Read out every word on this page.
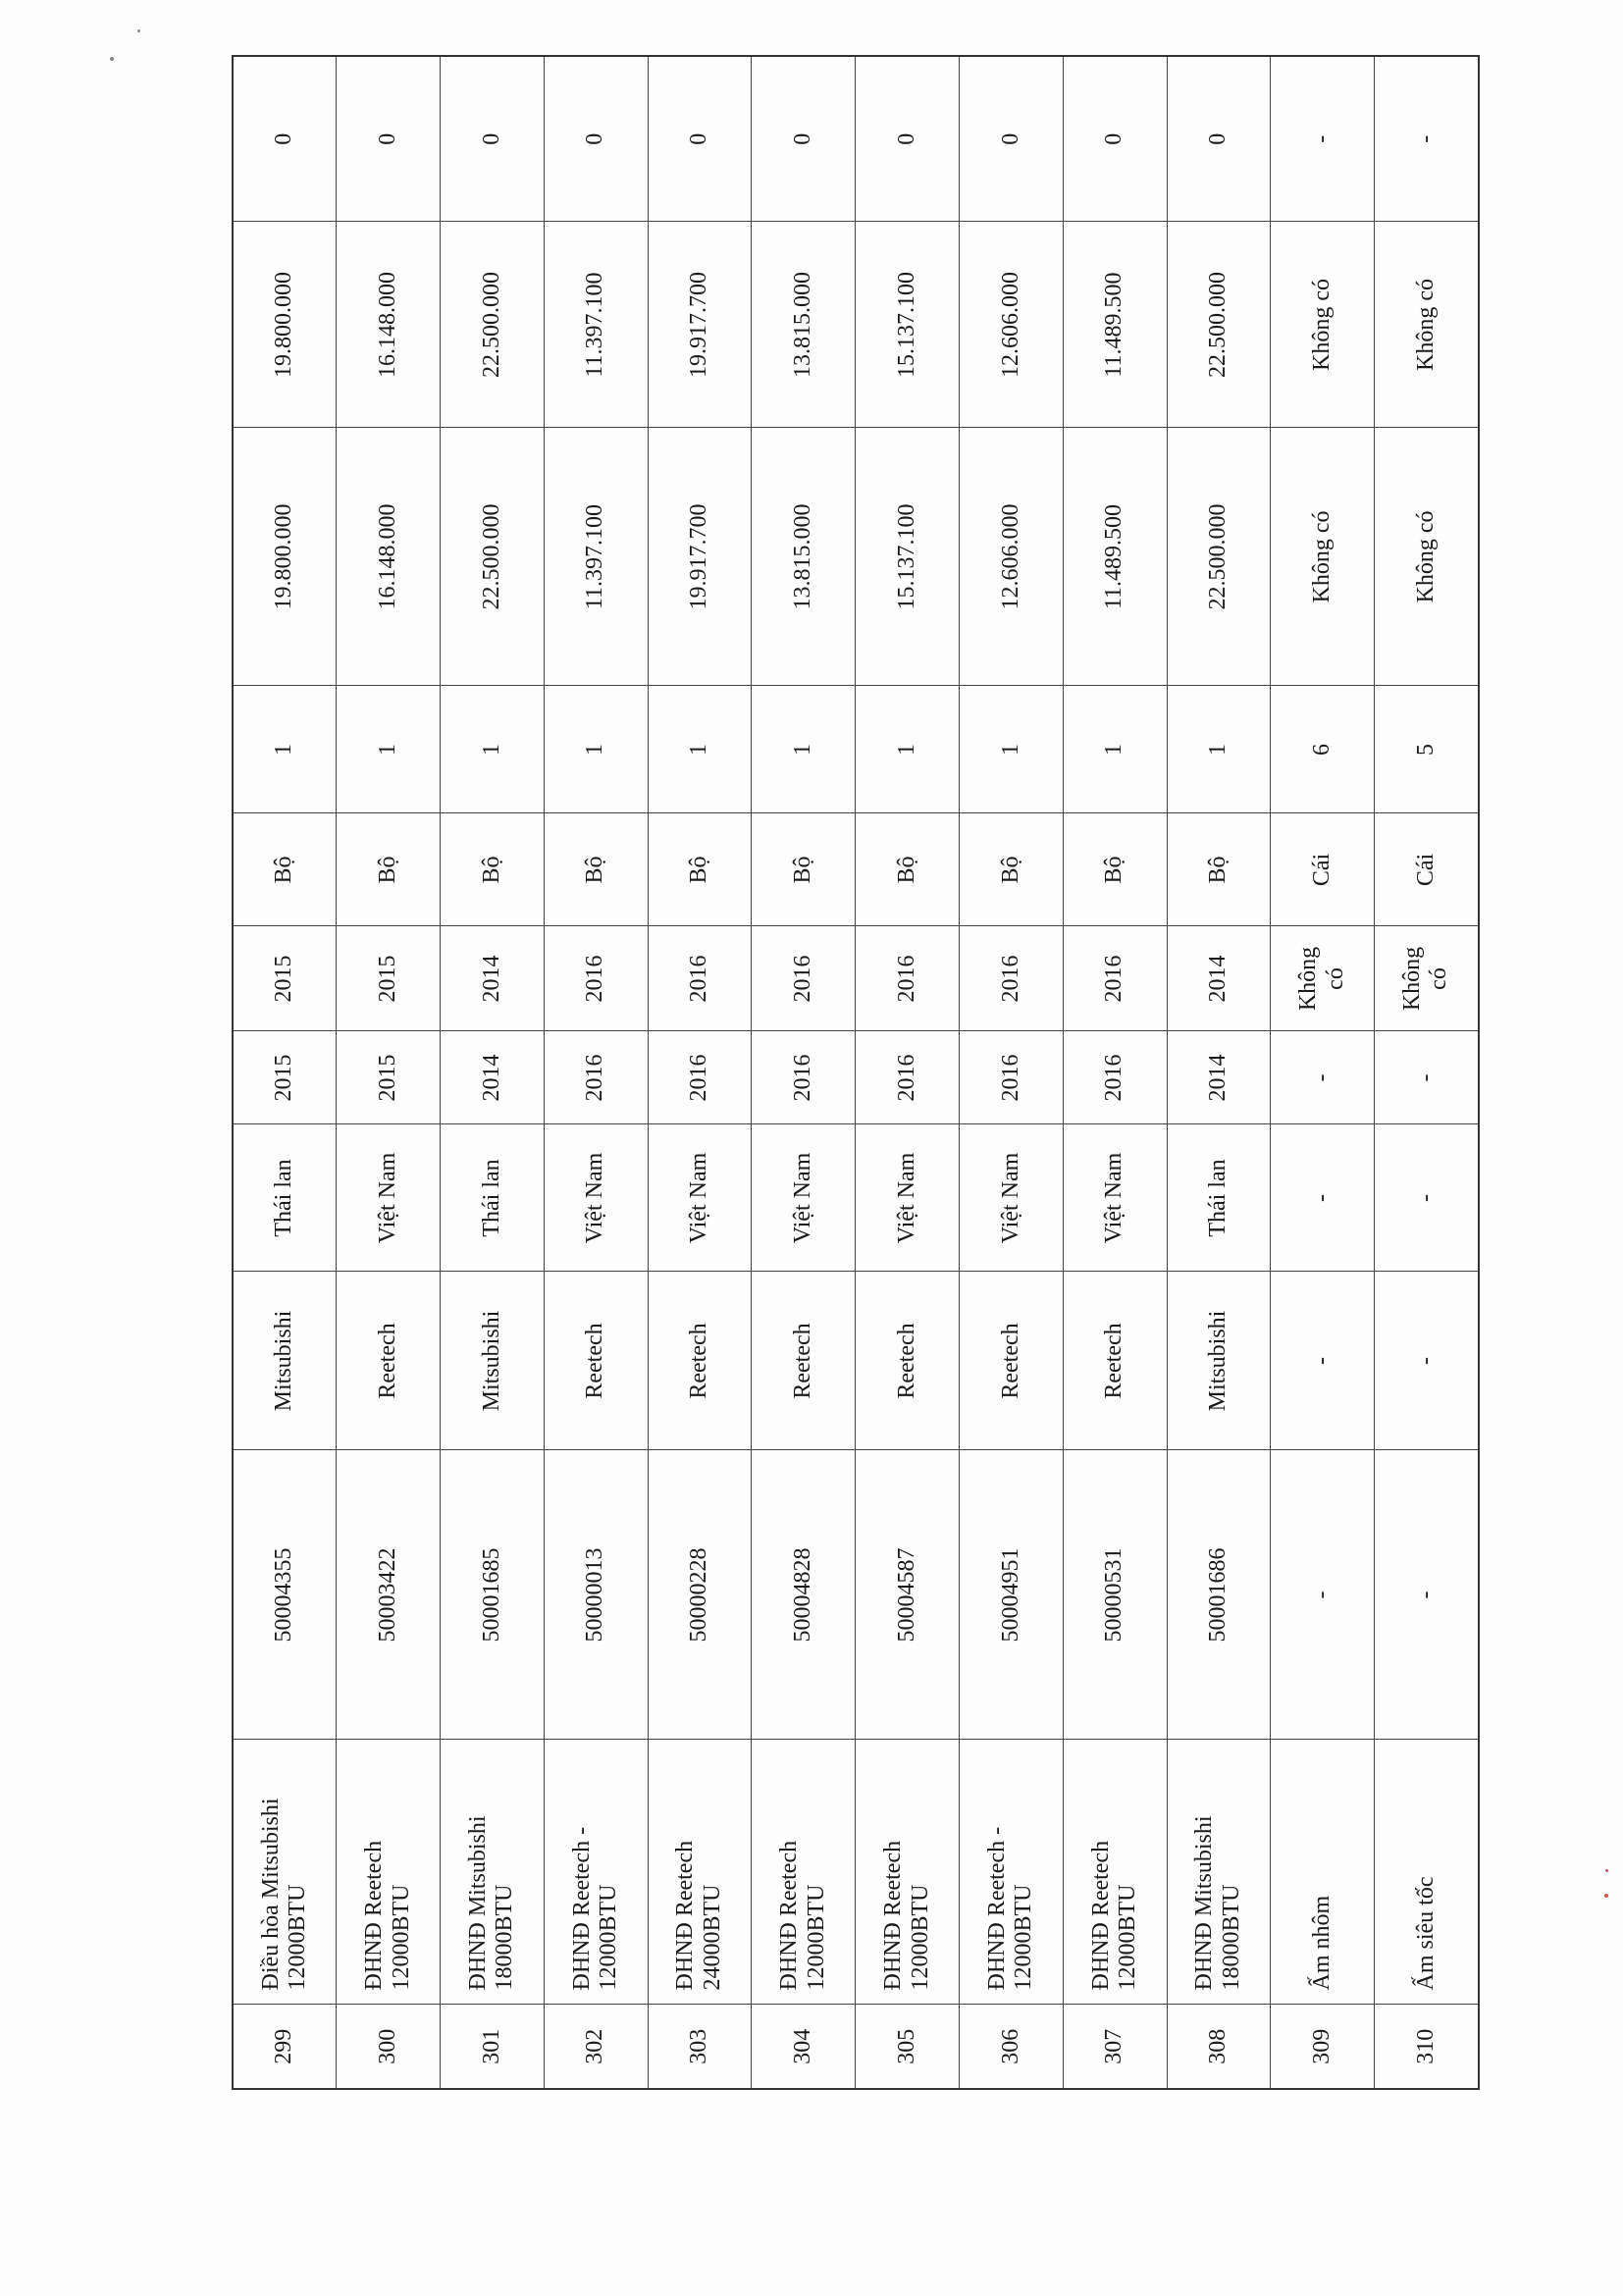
299	Điều hòa Mitsubishi 12000BTU	50004355	Mitsubishi	Thái lan	2015	2015	Bộ	1	19.800.000	19.800.000	0
300	ĐHNĐ Reetech 12000BTU	50003422	Reetech	Việt Nam	2015	2015	Bộ	1	16.148.000	16.148.000	0
301	ĐHNĐ Mitsubishi 18000BTU	50001685	Mitsubishi	Thái lan	2014	2014	Bộ	1	22.500.000	22.500.000	0
302	ĐHNĐ Reetech - 12000BTU	50000013	Reetech	Việt Nam	2016	2016	Bộ	1	11.397.100	11.397.100	0
303	ĐHNĐ Reetech 24000BTU	50000228	Reetech	Việt Nam	2016	2016	Bộ	1	19.917.700	19.917.700	0
304	ĐHNĐ Reetech 12000BTU	50004828	Reetech	Việt Nam	2016	2016	Bộ	1	13.815.000	13.815.000	0
305	ĐHNĐ Reetech 12000BTU	50004587	Reetech	Việt Nam	2016	2016	Bộ	1	15.137.100	15.137.100	0
306	ĐHNĐ Reetech - 12000BTU	50004951	Reetech	Việt Nam	2016	2016	Bộ	1	12.606.000	12.606.000	0
307	ĐHNĐ Reetech 12000BTU	50000531	Reetech	Việt Nam	2016	2016	Bộ	1	11.489.500	11.489.500	0
308	ĐHNĐ Mitsubishi 18000BTU	50001686	Mitsubishi	Thái lan	2014	2014	Bộ	1	22.500.000	22.500.000	0
309	Ấm nhôm	-	-	-	-	Không có	Cái	6	Không có	Không có	-
310	Ấm siêu tốc	-	-	-	-	Không có	Cái	5	Không có	Không có	-
